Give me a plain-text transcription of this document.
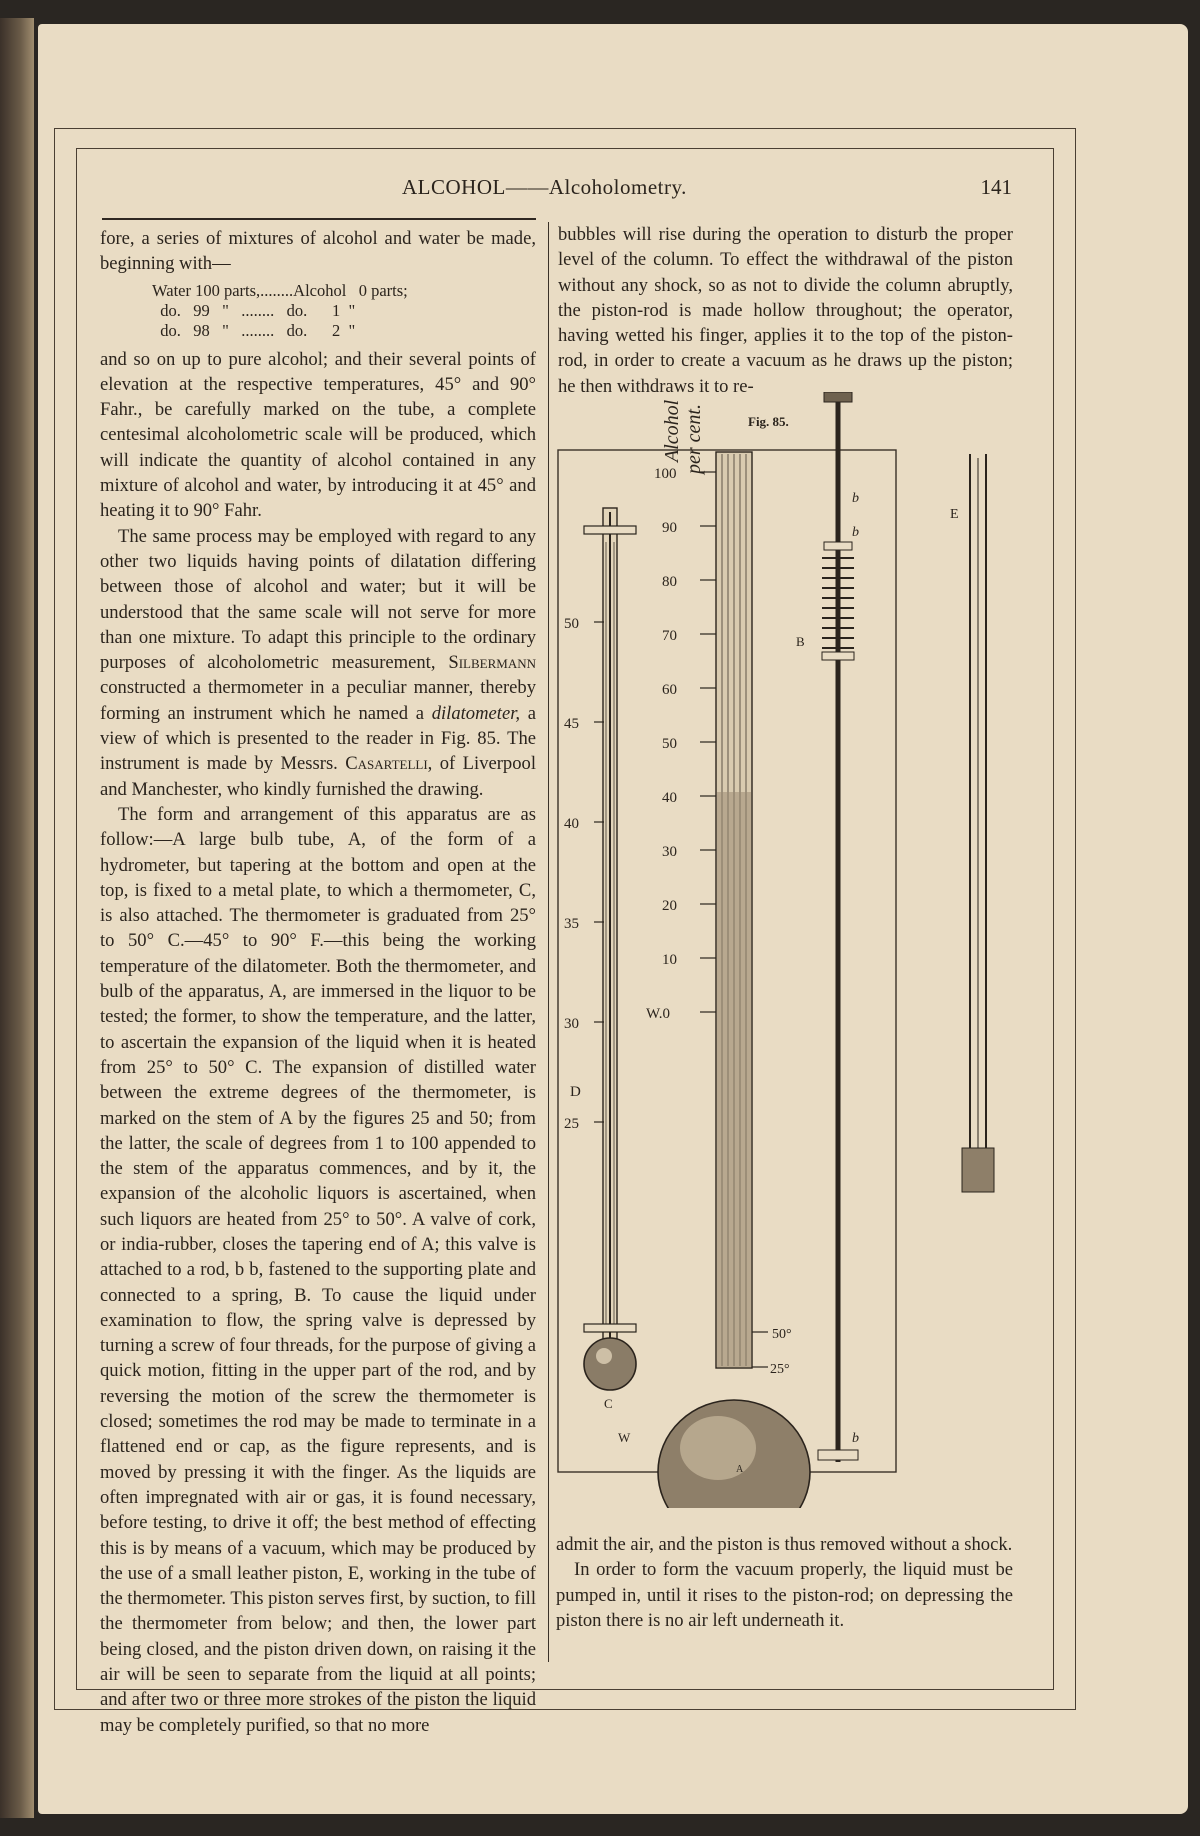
ALCOHOL——Alcoholometry.	141

fore, a series of mixtures of alcohol and water be made, beginning with—

Water 100 parts,........Alcohol   0 parts;
do.   99   "   ........   do.      1  "
do.   98   "   ........   do.      2  "

and so on up to pure alcohol; and their several points of elevation at the respective temperatures, 45° and 90° Fahr., be carefully marked on the tube, a complete centesimal alcoholometric scale will be produced, which will indicate the quantity of alcohol contained in any mixture of alcohol and water, by introducing it at 45° and heating it to 90° Fahr.

The same process may be employed with regard to any other two liquids having points of dilatation differing between those of alcohol and water; but it will be understood that the same scale will not serve for more than one mixture. To adapt this principle to the ordinary purposes of alcoholometric measurement, Silbermann constructed a thermometer in a peculiar manner, thereby forming an instrument which he named a dilatometer, a view of which is presented to the reader in Fig. 85. The instrument is made by Messrs. Casartelli, of Liverpool and Manchester, who kindly furnished the drawing.

The form and arrangement of this apparatus are as follow:—A large bulb tube, A, of the form of a hydrometer, but tapering at the bottom and open at the top, is fixed to a metal plate, to which a thermometer, C, is also attached. The thermometer is graduated from 25° to 50° C.—45° to 90° F.—this being the working temperature of the dilatometer. Both the thermometer, and bulb of the apparatus, A, are immersed in the liquor to be tested; the former, to show the temperature, and the latter, to ascertain the expansion of the liquid when it is heated from 25° to 50° C. The expansion of distilled water between the extreme degrees of the thermometer, is marked on the stem of A by the figures 25 and 50; from the latter, the scale of degrees from 1 to 100 appended to the stem of the apparatus commences, and by it, the expansion of the alcoholic liquors is ascertained, when such liquors are heated from 25° to 50°. A valve of cork, or india-rubber, closes the tapering end of A; this valve is attached to a rod, b b, fastened to the supporting plate and connected to a spring, B. To cause the liquid under examination to flow, the spring valve is depressed by turning a screw of four threads, for the purpose of giving a quick motion, fitting in the upper part of the rod, and by reversing the motion of the screw the thermometer is closed; sometimes the rod may be made to terminate in a flattened end or cap, as the figure represents, and is moved by pressing it with the finger. As the liquids are often impregnated with air or gas, it is found necessary, before testing, to drive it off; the best method of effecting this is by means of a vacuum, which may be produced by the use of a small leather piston, E, working in the tube of the thermometer. This piston serves first, by suction, to fill the thermometer from below; and then, the lower part being closed, and the piston driven down, on raising it the air will be seen to separate from the liquid at all points; and after two or three more strokes of the piston the liquid may be completely purified, so that no more

bubbles will rise during the operation to disturb the proper level of the column. To effect the withdrawal of the piston without any shock, so as not to divide the column abruptly, the piston-rod is made hollow throughout; the operator, having wetted his finger, applies it to the top of the piston-rod, in order to create a vacuum as he draws up the piston; he then withdraws it to re-

Fig. 85.
Alcohol per cent.
50
45
40
35
30
25
D
C
A
W
100
90
80
70
60
50
40
30
20
10
W.0
50°
25°
B
b
b
b
E

admit the air, and the piston is thus removed without a shock.

In order to form the vacuum properly, the liquid must be pumped in, until it rises to the piston-rod; on depressing the piston there is no air left underneath it.
